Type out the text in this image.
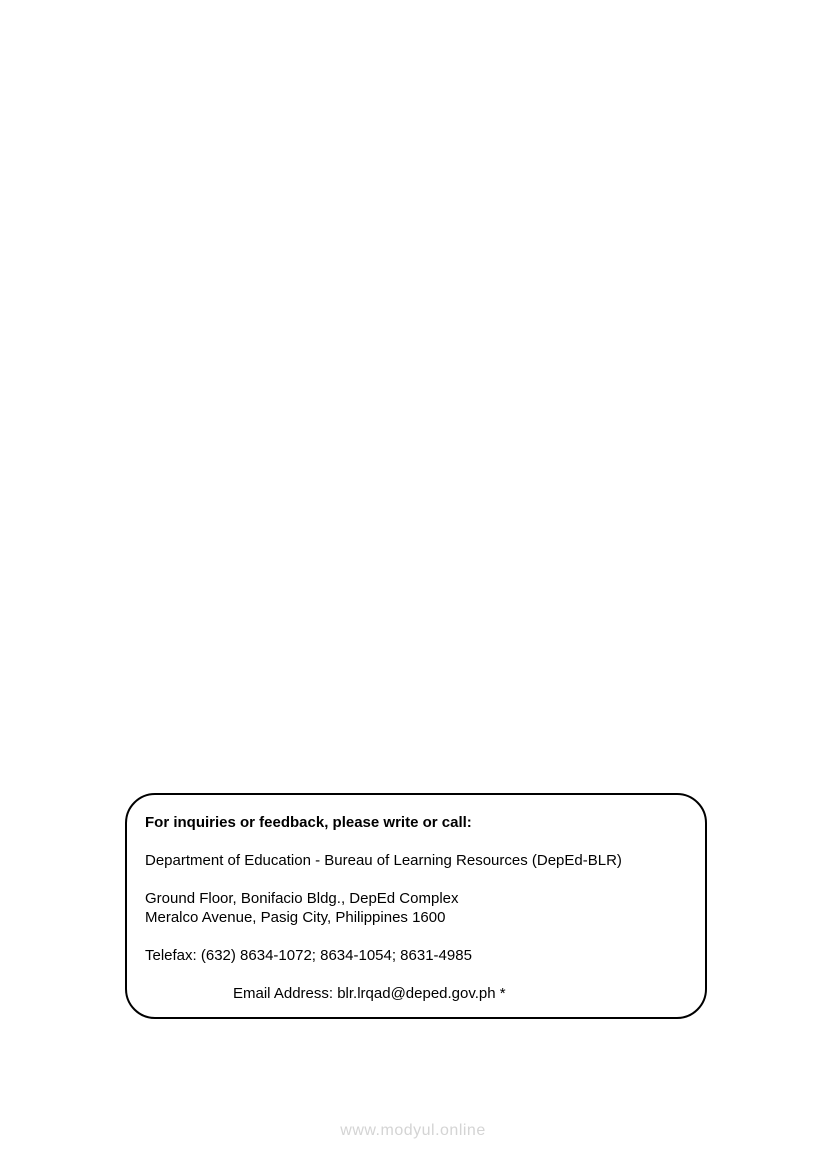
For inquiries or feedback, please write or call:
Department of Education - Bureau of Learning Resources (DepEd-BLR)
Ground Floor, Bonifacio Bldg., DepEd Complex
Meralco Avenue, Pasig City, Philippines 1600
Telefax: (632) 8634-1072; 8634-1054; 8631-4985
Email Address: blr.lrqad@deped.gov.ph *
www.modyul.online
